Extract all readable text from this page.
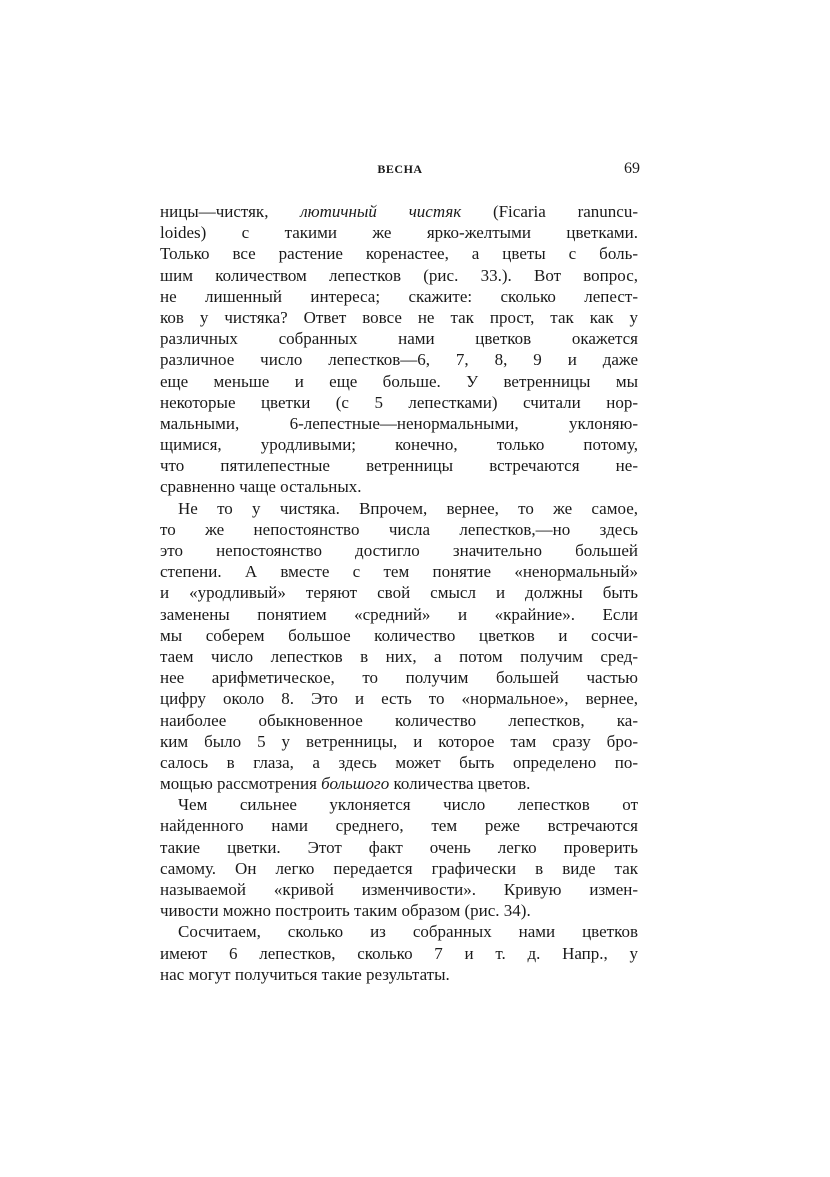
ВЕСНА	69
ницы—чистяк, лютичный чистяк (Ficaria ranuncu-
loides) с такими же ярко-желтыми цветками.
Только все растение коренастее, а цветы с боль-
шим количеством лепестков (рис. 33.). Вот вопрос,
не лишенный интереса; скажите: сколько лепест-
ков у чистяка? Ответ вовсе не так прост, так как у
различных собранных нами цветков окажется
различное число лепестков—6, 7, 8, 9 и даже
еще меньше и еще больше. У ветренницы мы
некоторые цветки (с 5 лепестками) считали нор-
мальными, 6-лепестные—ненормальными, уклоняю-
щимися, уродливыми; конечно, только потому,
что пятилепестные ветренницы встречаются не-
сравненно чаще остальных.
Не то у чистяка. Впрочем, вернее, то же самое,
то же непостоянство числа лепестков,—но здесь
это непостоянство достигло значительно большей
степени. А вместе с тем понятие «ненормальный»
и «уродливый» теряют свой смысл и должны быть
заменены понятием «средний» и «крайние». Если
мы соберем большое количество цветков и сосчи-
таем число лепестков в них, а потом получим сред-
нее арифметическое, то получим большей частью
цифру около 8. Это и есть то «нормальное», вернее,
наиболее обыкновенное количество лепестков, ка-
ким было 5 у ветренницы, и которое там сразу бро-
салось в глаза, а здесь может быть определено по-
мощью рассмотрения большого количества цветов.
Чем сильнее уклоняется число лепестков от
найденного нами среднего, тем реже встречаются
такие цветки. Этот факт очень легко проверить
самому. Он легко передается графически в виде так
называемой «кривой изменчивости». Кривую измен-
чивости можно построить таким образом (рис. 34).
Сосчитаем, сколько из собранных нами цветков
имеют 6 лепестков, сколько 7 и т. д. Напр., у
нас могут получиться такие результаты.
